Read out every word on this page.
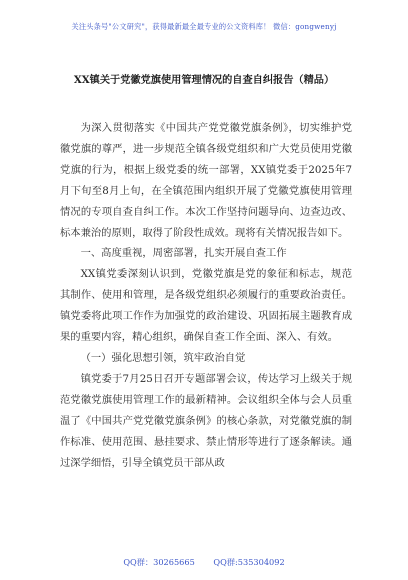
关注头条号"公文研究"，获得最新最全最专业的公文资料库！ 微信：gongwenyj
XX镇关于党徽党旗使用管理情况的自查自纠报告（精品）

为深入贯彻落实《中国共产党党徽党旗条例》，切实维护党徽党旗的尊严，进一步规范全镇各级党组织和广大党员使用党徽党旗的行为，根据上级党委的统一部署，XX镇党委于2025年7月下旬至8月上旬，在全镇范围内组织开展了党徽党旗使用管理情况的专项自查自纠工作。本次工作坚持问题导向、边查边改、标本兼治的原则，取得了阶段性成效。现将有关情况报告如下。

一、高度重视，周密部署，扎实开展自查工作

XX镇党委深刻认识到，党徽党旗是党的象征和标志，规范其制作、使用和管理，是各级党组织必须履行的重要政治责任。镇党委将此项工作作为加强党的政治建设、巩固拓展主题教育成果的重要内容，精心组织，确保自查工作全面、深入、有效。

（一）强化思想引领，筑牢政治自觉

镇党委于7月25日召开专题部署会议，传达学习上级关于规范党徽党旗使用管理工作的最新精神。会议组织全体与会人员重温了《中国共产党党徽党旗条例》的核心条款，对党徽党旗的制作标准、使用范围、悬挂要求、禁止情形等进行了逐条解读。通过深学细悟，引导全镇党员干部从政

QQ群：30265665 QQ群:535304092
